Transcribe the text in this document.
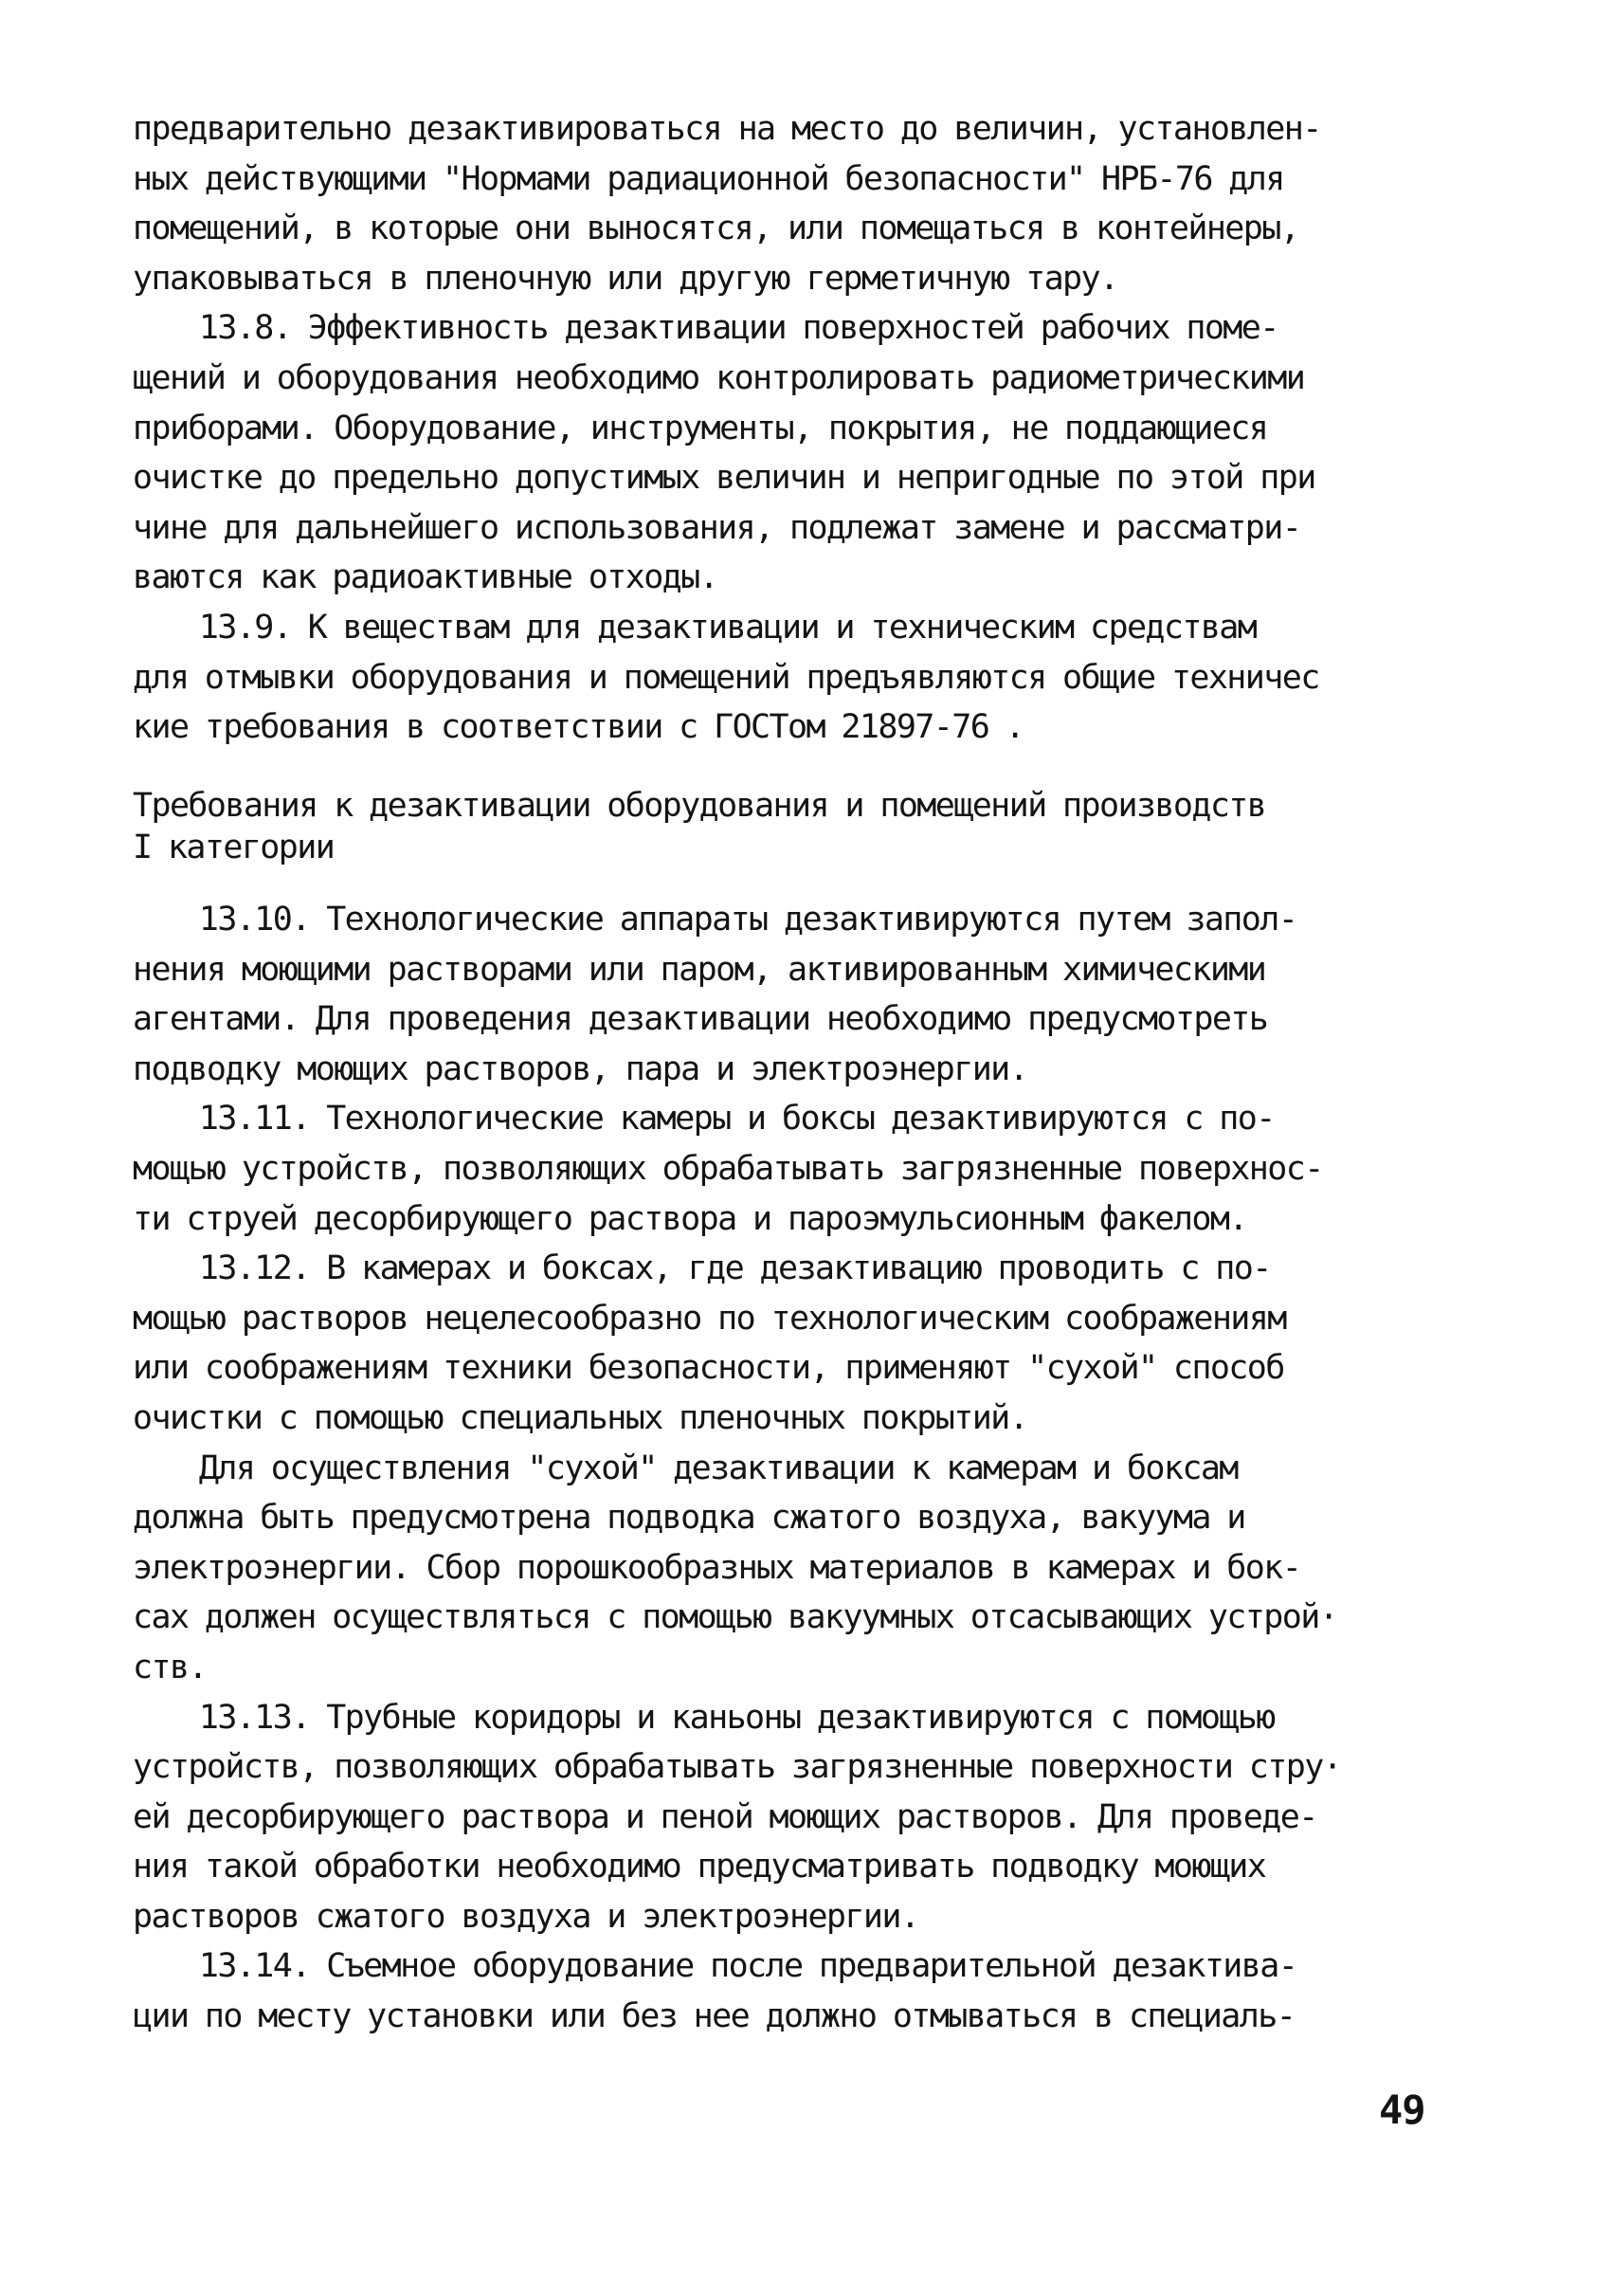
предварительно дезактивироваться на место до величин, установлен-
ных действующими "Нормами радиационной безопасности" НРБ-76 для
помещений, в которые они выносятся, или помещаться в контейнеры,
упаковываться в пленочную или другую герметичную тару.
13.8. Эффективность дезактивации поверхностей рабочих поме-
щений и оборудования необходимо контролировать радиометрическими
приборами. Оборудование, инструменты, покрытия, не поддающиеся
очистке до предельно допустимых величин и непригодные по этой при
чине для дальнейшего использования, подлежат замене и рассматри-
ваются как радиоактивные отходы.
13.9. К веществам для дезактивации и техническим средствам
для отмывки оборудования и помещений предъявляются общие техничес
кие требования в соответствии с ГОСТом 21897-76 .
Требования к дезактивации оборудования и помещений производств
I категории
13.10. Технологические аппараты дезактивируются путем запол-
нения моющими растворами или паром, активированным химическими
агентами. Для проведения дезактивации необходимо предусмотреть
подводку моющих растворов, пара и электроэнергии.
13.11. Технологические камеры и боксы дезактивируются с по-
мощью устройств, позволяющих обрабатывать загрязненные поверхнос-
ти струей десорбирующего раствора и пароэмульсионным факелом.
13.12. В камерах и боксах, где дезактивацию проводить с по-
мощью растворов нецелесообразно по технологическим соображениям
или соображениям техники безопасности, применяют "сухой" способ
очистки с помощью специальных пленочных покрытий.
Для осуществления "сухой" дезактивации к камерам и боксам
должна быть предусмотрена подводка сжатого воздуха, вакуума и
электроэнергии. Сбор порошкообразных материалов в камерах и бок-
сах должен осуществляться с помощью вакуумных отсасывающих устрой·
ств.
13.13. Трубные коридоры и каньоны дезактивируются с помощью
устройств, позволяющих обрабатывать загрязненные поверхности стру·
ей десорбирующего раствора и пеной моющих растворов. Для проведе-
ния такой обработки необходимо предусматривать подводку моющих
растворов сжатого воздуха и электроэнергии.
13.14. Съемное оборудование после предварительной дезактива-
ции по месту установки или без нее должно отмываться в специаль-
49
